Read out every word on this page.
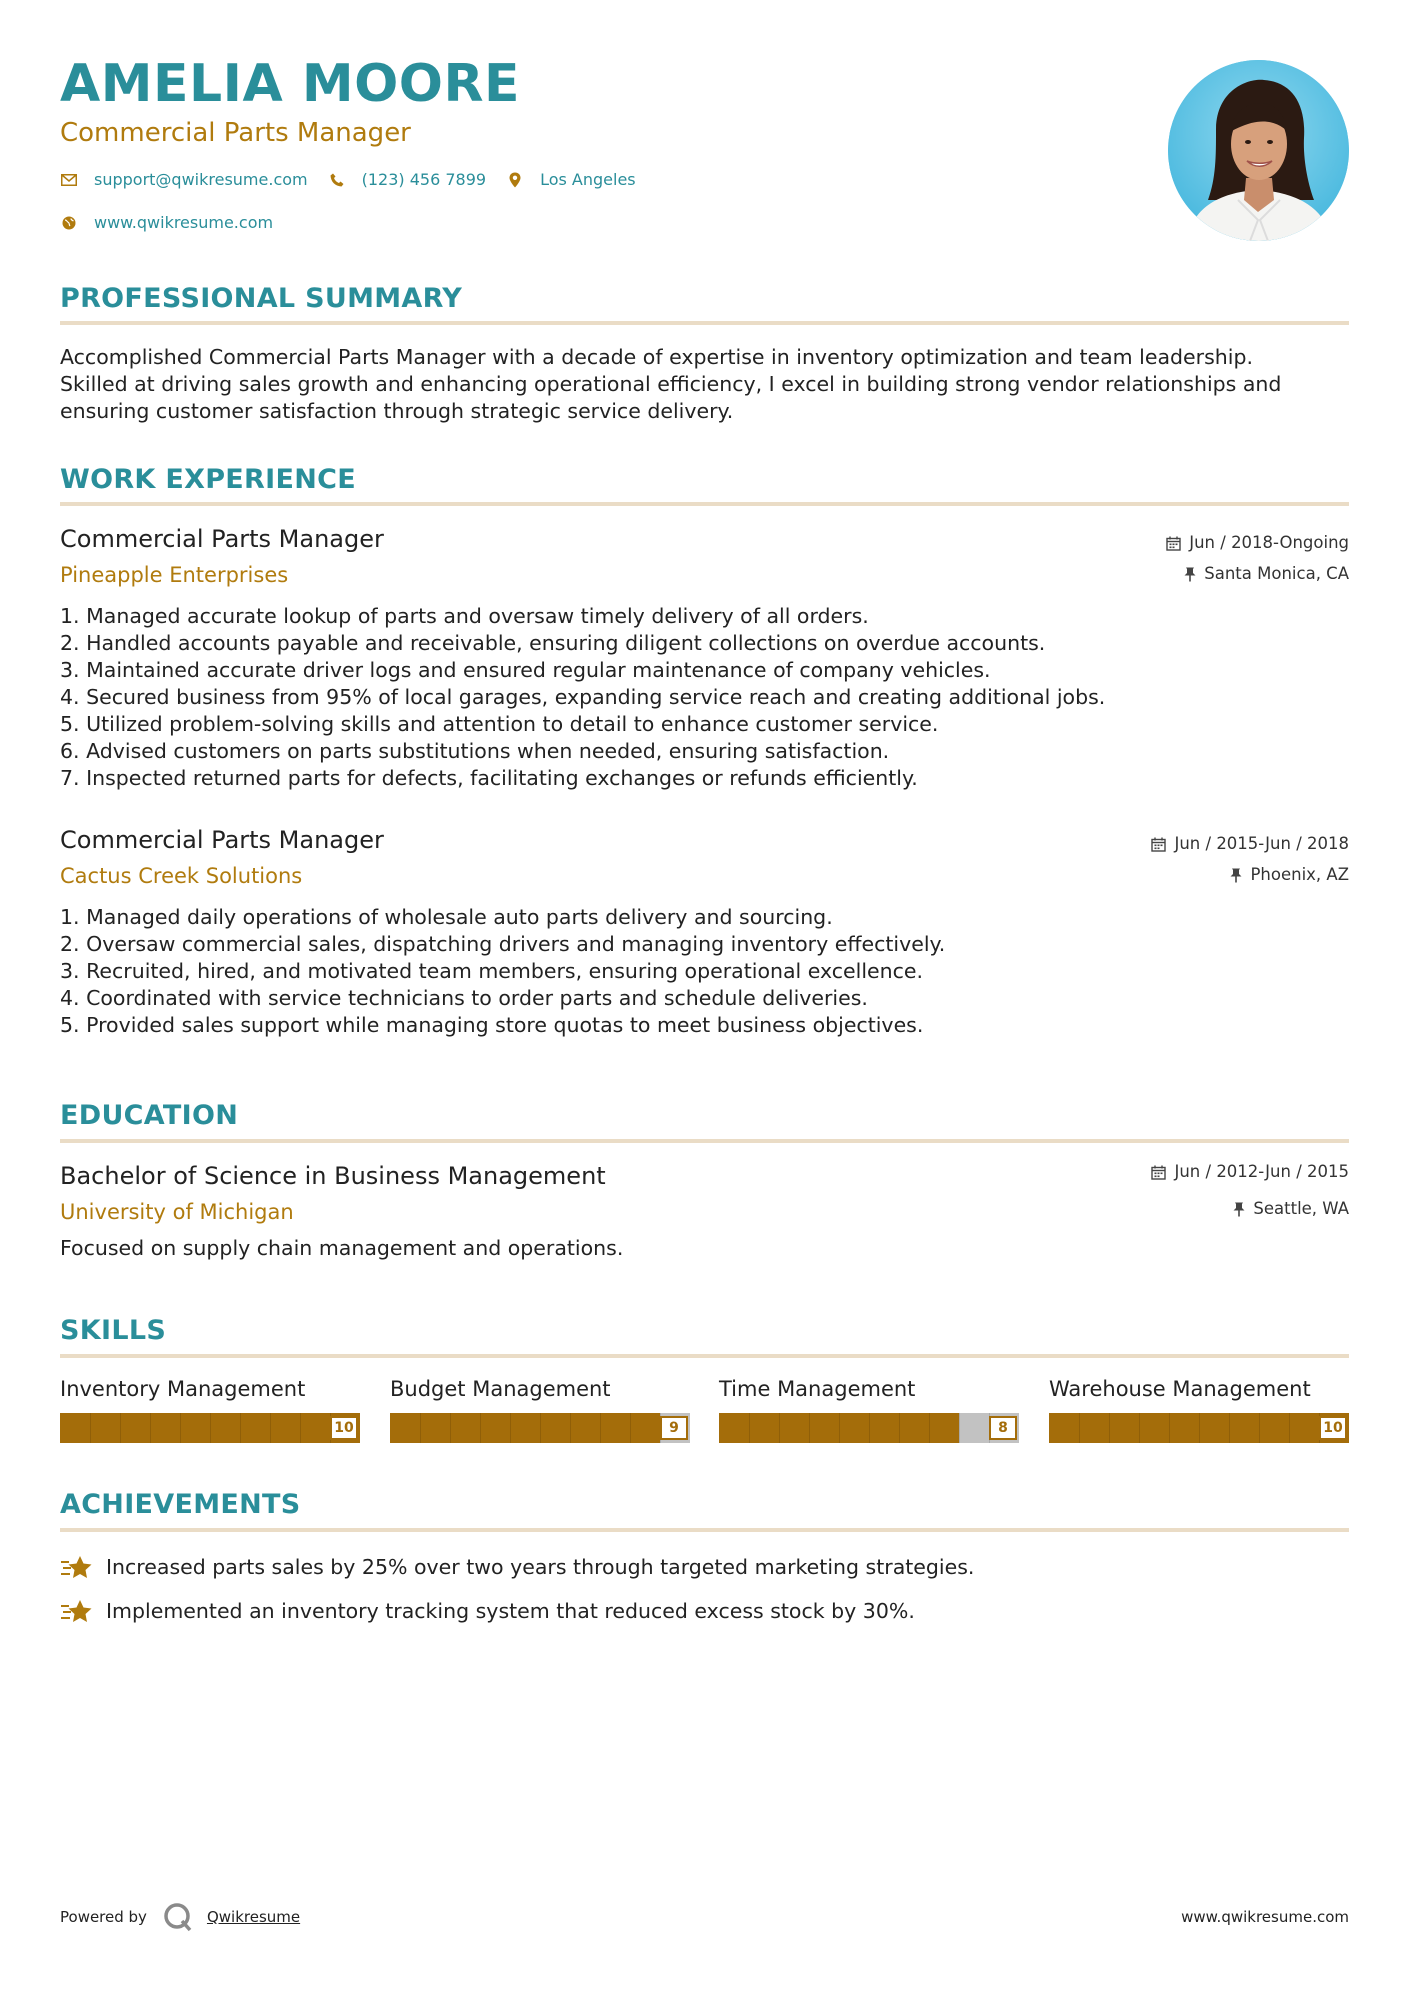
AMELIA MOORE
Commercial Parts Manager
support@qwikresume.com	(123) 456 7899	Los Angeles
www.qwikresume.com
PROFESSIONAL SUMMARY
Accomplished Commercial Parts Manager with a decade of expertise in inventory optimization and team leadership.
Skilled at driving sales growth and enhancing operational efficiency, I excel in building strong vendor relationships and
ensuring customer satisfaction through strategic service delivery.
WORK EXPERIENCE
Commercial Parts Manager
Pineapple Enterprises
Jun / 2018-Ongoing
Santa Monica, CA
1. Managed accurate lookup of parts and oversaw timely delivery of all orders.
2. Handled accounts payable and receivable, ensuring diligent collections on overdue accounts.
3. Maintained accurate driver logs and ensured regular maintenance of company vehicles.
4. Secured business from 95% of local garages, expanding service reach and creating additional jobs.
5. Utilized problem-solving skills and attention to detail to enhance customer service.
6. Advised customers on parts substitutions when needed, ensuring satisfaction.
7. Inspected returned parts for defects, facilitating exchanges or refunds efficiently.
Commercial Parts Manager
Cactus Creek Solutions
Jun / 2015-Jun / 2018
Phoenix, AZ
1. Managed daily operations of wholesale auto parts delivery and sourcing.
2. Oversaw commercial sales, dispatching drivers and managing inventory effectively.
3. Recruited, hired, and motivated team members, ensuring operational excellence.
4. Coordinated with service technicians to order parts and schedule deliveries.
5. Provided sales support while managing store quotas to meet business objectives.
EDUCATION
Bachelor of Science in Business Management
University of Michigan
Jun / 2012-Jun / 2015
Seattle, WA
Focused on supply chain management and operations.
SKILLS
Inventory Management
10
Budget Management
9
Time Management
8
Warehouse Management
10
ACHIEVEMENTS
Increased parts sales by 25% over two years through targeted marketing strategies.
Implemented an inventory tracking system that reduced excess stock by 30%.
Powered by	Qwikresume	www.qwikresume.com
